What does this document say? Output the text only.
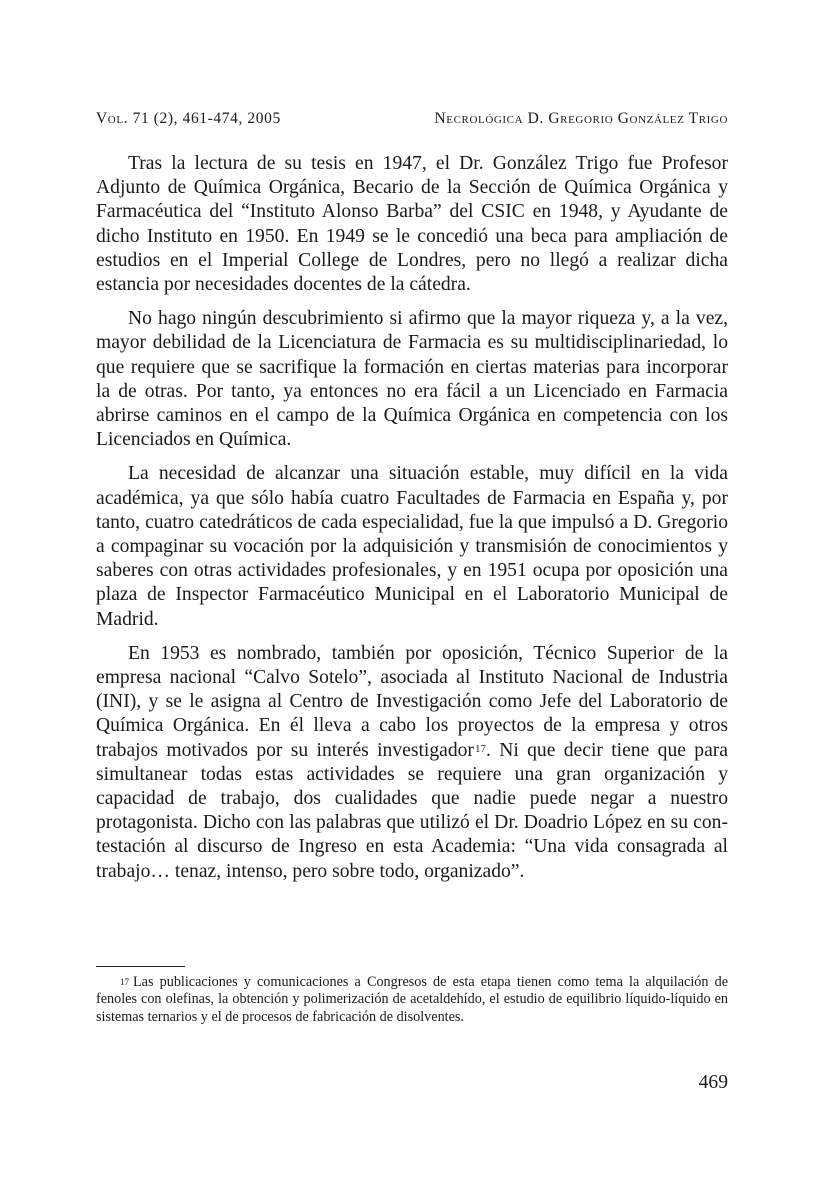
Vol. 71 (2), 461-474, 2005	Necrológica D. Gregorio González Trigo

Tras la lectura de su tesis en 1947, el Dr. González Trigo fue Profesor Adjunto de Química Orgánica, Becario de la Sección de Química Orgánica y Farmacéutica del “Instituto Alonso Barba” del CSIC en 1948, y Ayudante de dicho Instituto en 1950. En 1949 se le concedió una beca para ampliación de estudios en el Imperial College de Londres, pero no llegó a realizar dicha estancia por necesidades docentes de la cátedra.

No hago ningún descubrimiento si afirmo que la mayor riqueza y, a la vez, mayor debilidad de la Licenciatura de Farmacia es su multidisciplinariedad, lo que requiere que se sacrifique la formación en ciertas materias para incorporar la de otras. Por tanto, ya entonces no era fácil a un Licenciado en Farmacia abrirse caminos en el campo de la Química Orgánica en competencia con los Licenciados en Química.

La necesidad de alcanzar una situación estable, muy difícil en la vida académica, ya que sólo había cuatro Facultades de Farmacia en España y, por tanto, cuatro catedráticos de cada especialidad, fue la que impulsó a D. Gregorio a compaginar su vocación por la adquisición y transmisión de conocimientos y saberes con otras actividades profesionales, y en 1951 ocupa por oposición una plaza de Inspector Farmacéutico Municipal en el Laboratorio Municipal de Madrid.

En 1953 es nombrado, también por oposición, Técnico Superior de la empresa nacional “Calvo Sotelo”, asociada al Instituto Nacional de Industria (INI), y se le asigna al Centro de Investigación como Jefe del Laboratorio de Química Orgánica. En él lleva a cabo los proyectos de la empresa y otros trabajos motivados por su interés investigador$^{17}$. Ni que decir tiene que para simultanear todas estas actividades se requiere una gran organización y capacidad de trabajo, dos cualidades que nadie puede negar a nuestro protagonista. Dicho con las palabras que utilizó el Dr. Doadrio López en su contestación al discurso de Ingreso en esta Academia: “Una vida consagrada al trabajo… tenaz, intenso, pero sobre todo, organizado”.

$^{17}$ Las publicaciones y comunicaciones a Congresos de esta etapa tienen como tema la alquilación de fenoles con olefinas, la obtención y polimerización de acetaldehído, el estudio de equilibrio líquido-líquido en sistemas ternarios y el de procesos de fabricación de disolventes.

469
